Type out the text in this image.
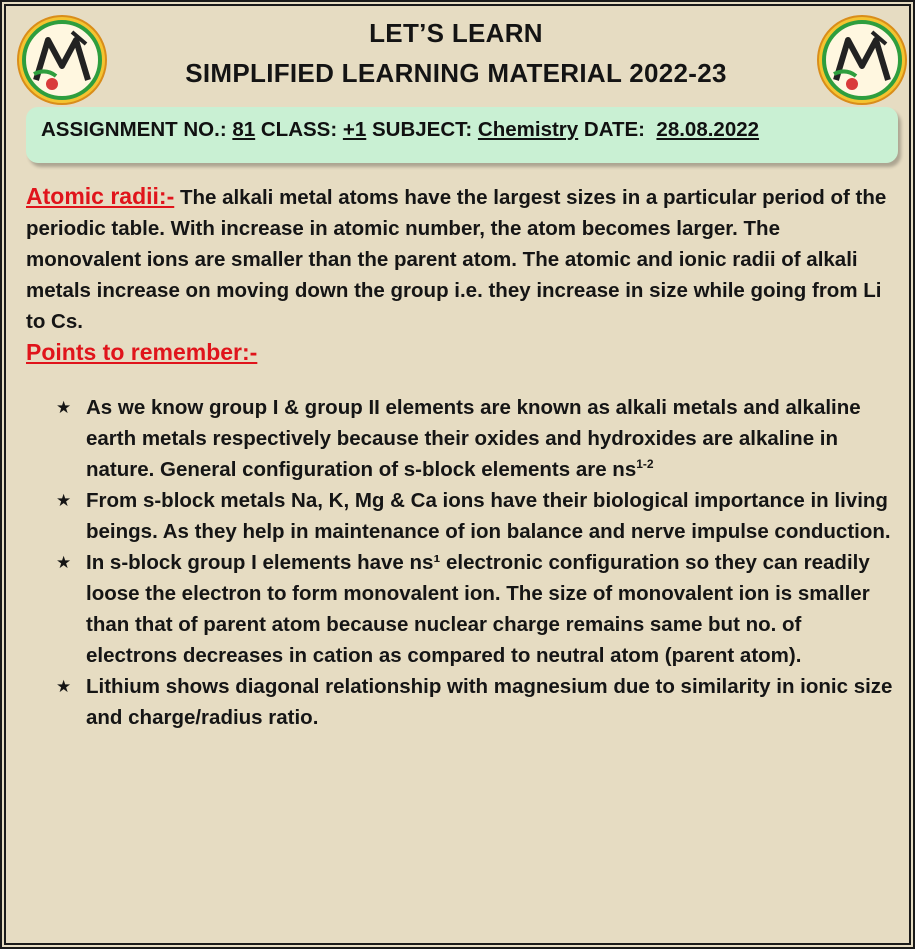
LET’S LEARN
SIMPLIFIED LEARNING MATERIAL 2022-23
ASSIGNMENT NO.: 81 CLASS: +1 SUBJECT: Chemistry DATE: 28.08.2022
Atomic radii:- The alkali metal atoms have the largest sizes in a particular period of the periodic table. With increase in atomic number, the atom becomes larger. The monovalent ions are smaller than the parent atom. The atomic and ionic radii of alkali metals increase on moving down the group i.e. they increase in size while going from Li to Cs.
Points to remember:-
★ As we know group I & group II elements are known as alkali metals and alkaline earth metals respectively because their oxides and hydroxides are alkaline in nature. General configuration of s-block elements are $ns^{1-2}$
★ From s-block metals Na, K, Mg & Ca ions have their biological importance in living beings. As they help in maintenance of ion balance and nerve impulse conduction.
★ In s-block group I elements have ns¹ electronic configuration so they can readily loose the electron to form monovalent ion. The size of monovalent ion is smaller than that of parent atom because nuclear charge remains same but no. of electrons decreases in cation as compared to neutral atom (parent atom).
★ Lithium shows diagonal relationship with magnesium due to similarity in ionic size and charge/radius ratio.
